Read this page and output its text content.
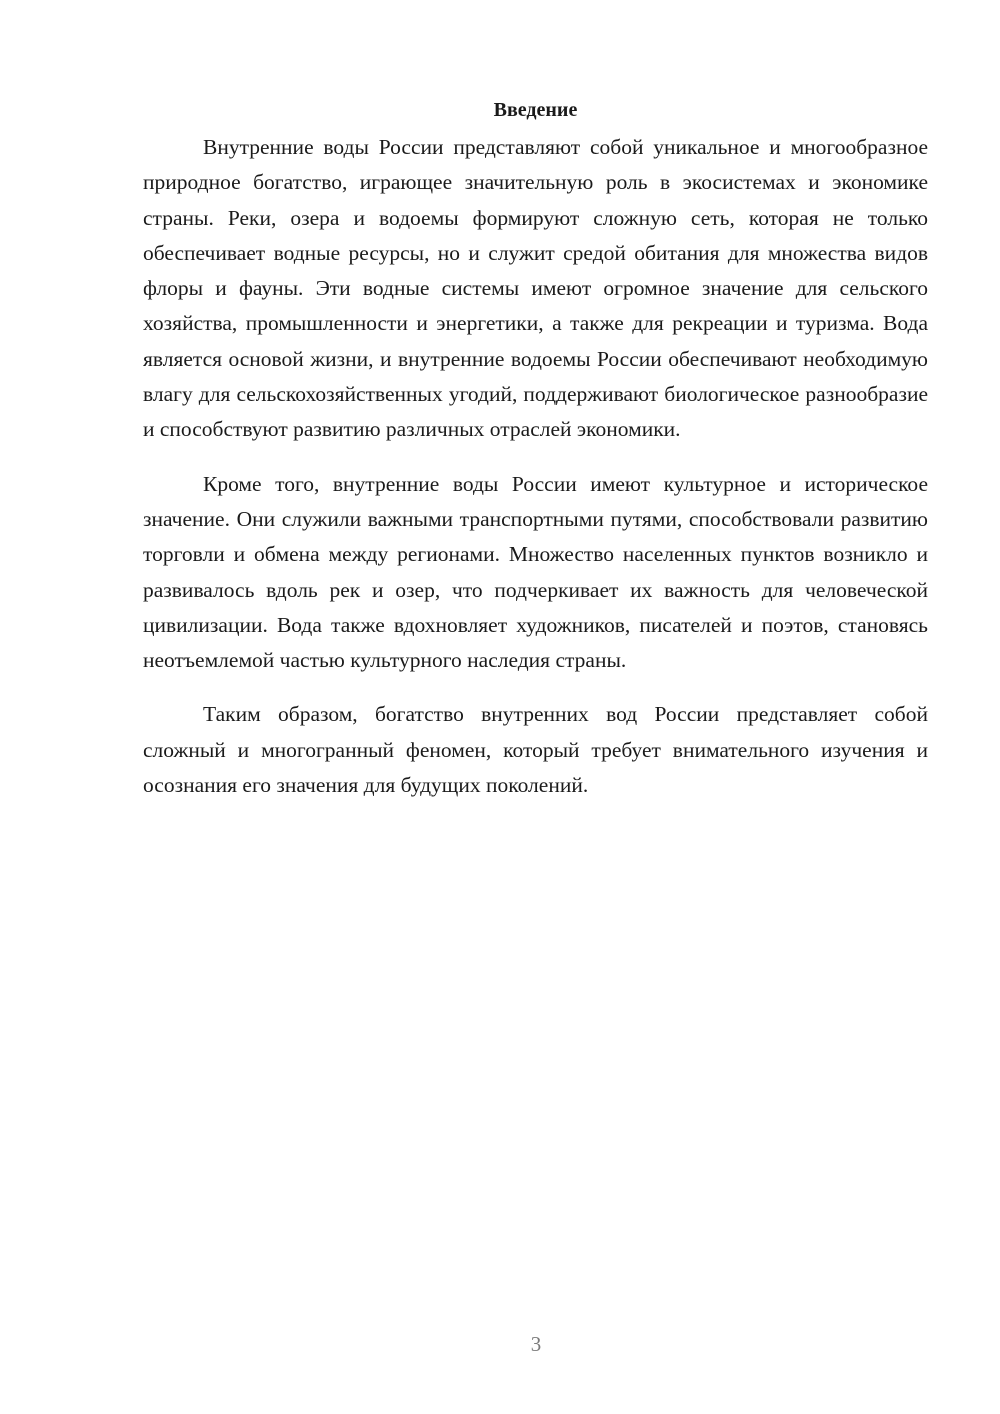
Введение

Внутренние воды России представляют собой уникальное и многообразное природное богатство, играющее значительную роль в экосистемах и экономике страны. Реки, озера и водоемы формируют сложную сеть, которая не только обеспечивает водные ресурсы, но и служит средой обитания для множества видов флоры и фауны. Эти водные системы имеют огромное значение для сельского хозяйства, промышленности и энергетики, а также для рекреации и туризма. Вода является основой жизни, и внутренние водоемы России обеспечивают необходимую влагу для сельскохозяйственных угодий, поддерживают биологическое разнообразие и способствуют развитию различных отраслей экономики.

Кроме того, внутренние воды России имеют культурное и историческое значение. Они служили важными транспортными путями, способствовали развитию торговли и обмена между регионами. Множество населенных пунктов возникло и развивалось вдоль рек и озер, что подчеркивает их важность для человеческой цивилизации. Вода также вдохновляет художников, писателей и поэтов, становясь неотъемлемой частью культурного наследия страны.

Таким образом, богатство внутренних вод России представляет собой сложный и многогранный феномен, который требует внимательного изучения и осознания его значения для будущих поколений.

3
